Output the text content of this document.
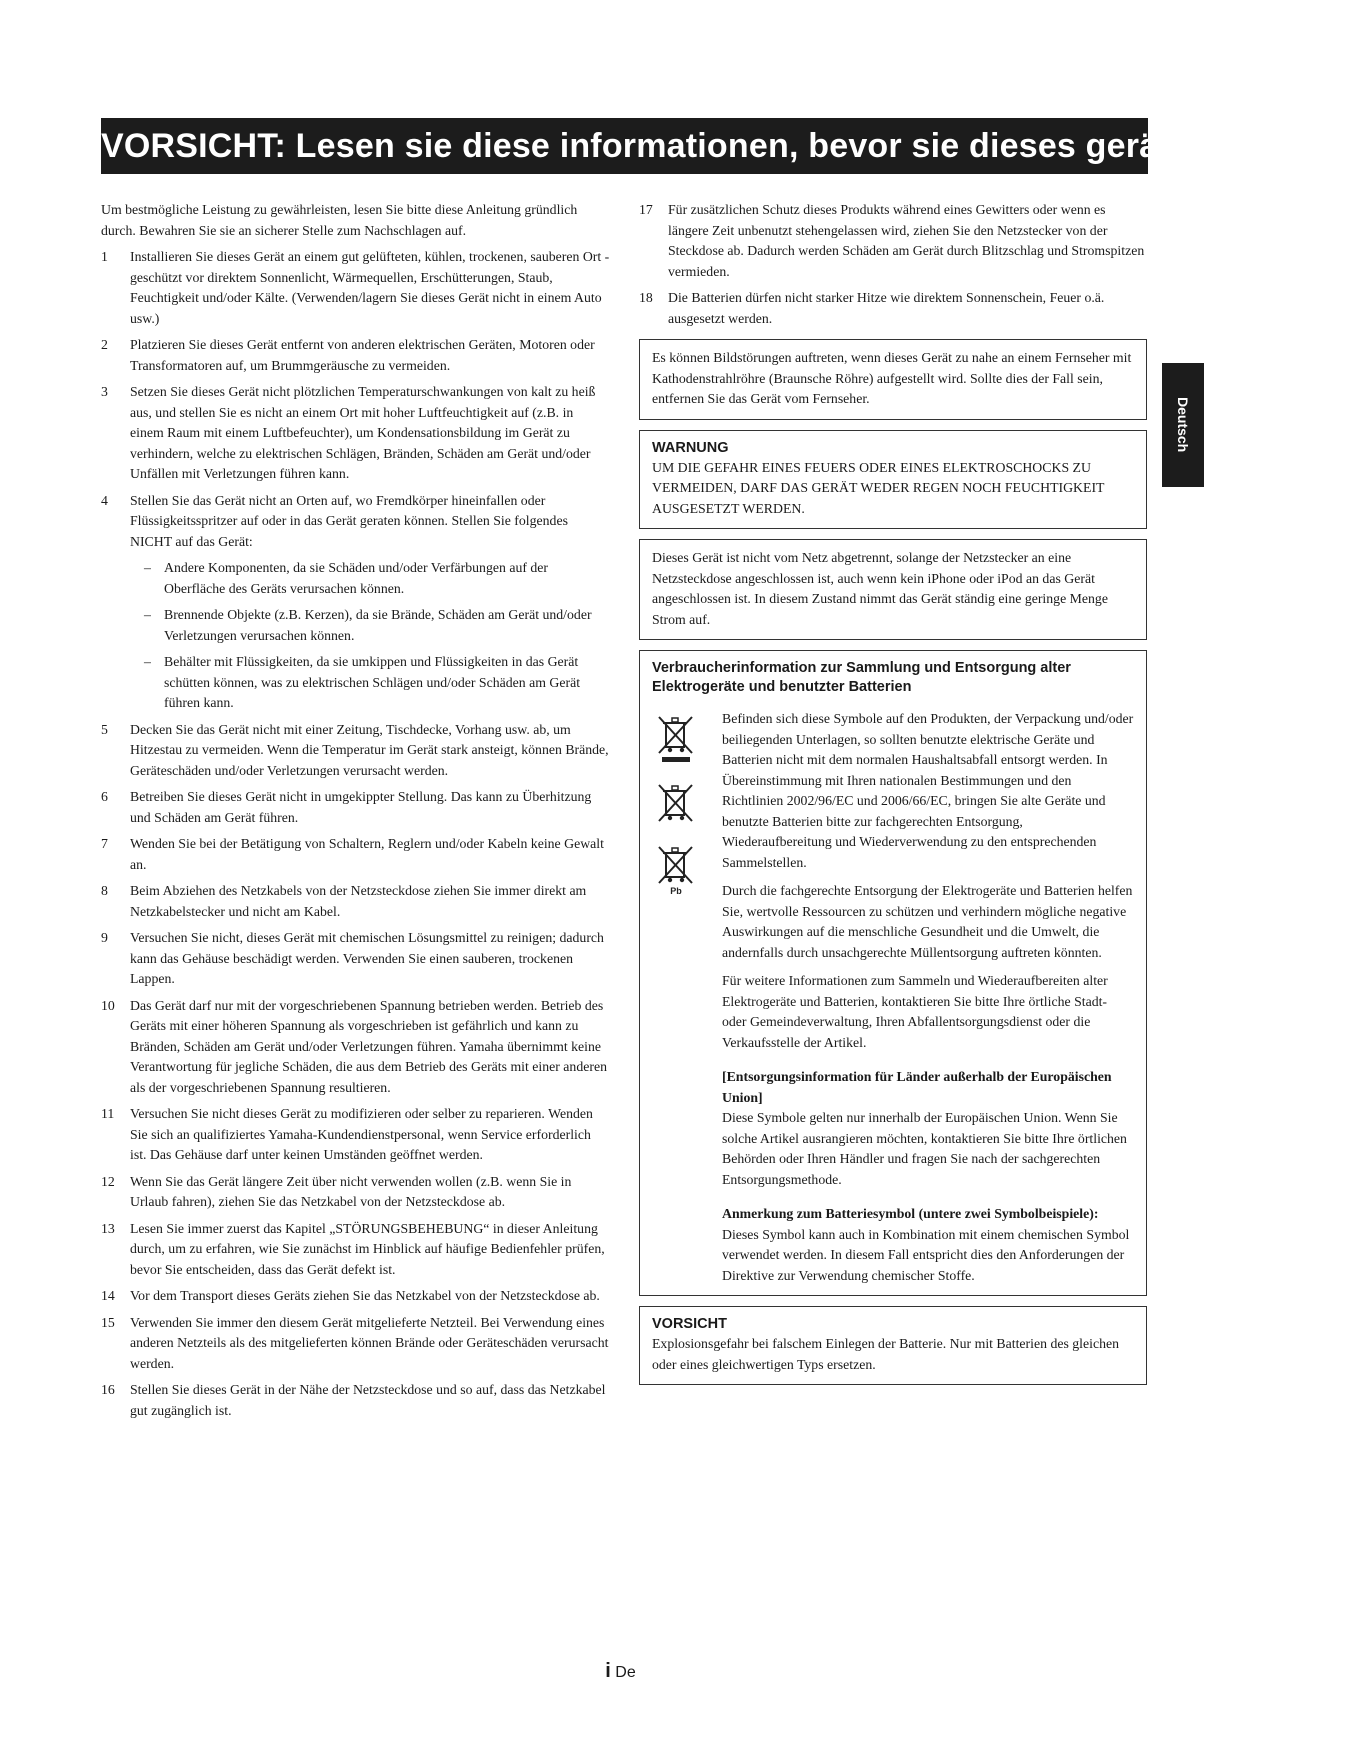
VORSICHT: Lesen sie diese informationen, bevor sie dieses gerät verwenden.
Deutsch

Um bestmögliche Leistung zu gewährleisten, lesen Sie bitte diese Anleitung gründlich durch. Bewahren Sie sie an sicherer Stelle zum Nachschlagen auf.

1 Installieren Sie dieses Gerät an einem gut gelüfteten, kühlen, trockenen, sauberen Ort - geschützt vor direktem Sonnenlicht, Wärmequellen, Erschütterungen, Staub, Feuchtigkeit und/oder Kälte. (Verwenden/lagern Sie dieses Gerät nicht in einem Auto usw.)
2 Platzieren Sie dieses Gerät entfernt von anderen elektrischen Geräten, Motoren oder Transformatoren auf, um Brummgeräusche zu vermeiden.
3 Setzen Sie dieses Gerät nicht plötzlichen Temperaturschwankungen von kalt zu heiß aus, und stellen Sie es nicht an einem Ort mit hoher Luftfeuchtigkeit auf (z.B. in einem Raum mit einem Luftbefeuchter), um Kondensationsbildung im Gerät zu verhindern, welche zu elektrischen Schlägen, Bränden, Schäden am Gerät und/oder Unfällen mit Verletzungen führen kann.
4 Stellen Sie das Gerät nicht an Orten auf, wo Fremdkörper hineinfallen oder Flüssigkeitsspritzer auf oder in das Gerät geraten können. Stellen Sie folgendes NICHT auf das Gerät:
– Andere Komponenten, da sie Schäden und/oder Verfärbungen auf der Oberfläche des Geräts verursachen können.
– Brennende Objekte (z.B. Kerzen), da sie Brände, Schäden am Gerät und/oder Verletzungen verursachen können.
– Behälter mit Flüssigkeiten, da sie umkippen und Flüssigkeiten in das Gerät schütten können, was zu elektrischen Schlägen und/oder Schäden am Gerät führen kann.
5 Decken Sie das Gerät nicht mit einer Zeitung, Tischdecke, Vorhang usw. ab, um Hitzestau zu vermeiden. Wenn die Temperatur im Gerät stark ansteigt, können Brände, Geräteschäden und/oder Verletzungen verursacht werden.
6 Betreiben Sie dieses Gerät nicht in umgekippter Stellung. Das kann zu Überhitzung und Schäden am Gerät führen.
7 Wenden Sie bei der Betätigung von Schaltern, Reglern und/oder Kabeln keine Gewalt an.
8 Beim Abziehen des Netzkabels von der Netzsteckdose ziehen Sie immer direkt am Netzkabelstecker und nicht am Kabel.
9 Versuchen Sie nicht, dieses Gerät mit chemischen Lösungsmittel zu reinigen; dadurch kann das Gehäuse beschädigt werden. Verwenden Sie einen sauberen, trockenen Lappen.
10 Das Gerät darf nur mit der vorgeschriebenen Spannung betrieben werden. Betrieb des Geräts mit einer höheren Spannung als vorgeschrieben ist gefährlich und kann zu Bränden, Schäden am Gerät und/oder Verletzungen führen. Yamaha übernimmt keine Verantwortung für jegliche Schäden, die aus dem Betrieb des Geräts mit einer anderen als der vorgeschriebenen Spannung resultieren.
11 Versuchen Sie nicht dieses Gerät zu modifizieren oder selber zu reparieren. Wenden Sie sich an qualifiziertes Yamaha-Kundendienstpersonal, wenn Service erforderlich ist. Das Gehäuse darf unter keinen Umständen geöffnet werden.
12 Wenn Sie das Gerät längere Zeit über nicht verwenden wollen (z.B. wenn Sie in Urlaub fahren), ziehen Sie das Netzkabel von der Netzsteckdose ab.
13 Lesen Sie immer zuerst das Kapitel „STÖRUNGSBEHEBUNG“ in dieser Anleitung durch, um zu erfahren, wie Sie zunächst im Hinblick auf häufige Bedienfehler prüfen, bevor Sie entscheiden, dass das Gerät defekt ist.
14 Vor dem Transport dieses Geräts ziehen Sie das Netzkabel von der Netzsteckdose ab.
15 Verwenden Sie immer den diesem Gerät mitgelieferte Netzteil. Bei Verwendung eines anderen Netzteils als des mitgelieferten können Brände oder Geräteschäden verursacht werden.
16 Stellen Sie dieses Gerät in der Nähe der Netzsteckdose und so auf, dass das Netzkabel gut zugänglich ist.
17 Für zusätzlichen Schutz dieses Produkts während eines Gewitters oder wenn es längere Zeit unbenutzt stehengelassen wird, ziehen Sie den Netzstecker von der Steckdose ab. Dadurch werden Schäden am Gerät durch Blitzschlag und Stromspitzen vermieden.
18 Die Batterien dürfen nicht starker Hitze wie direktem Sonnenschein, Feuer o.ä. ausgesetzt werden.

Es können Bildstörungen auftreten, wenn dieses Gerät zu nahe an einem Fernseher mit Kathodenstrahlröhre (Braunsche Röhre) aufgestellt wird. Sollte dies der Fall sein, entfernen Sie das Gerät vom Fernseher.

WARNUNG

UM DIE GEFAHR EINES FEUERS ODER EINES ELEKTROSCHOCKS ZU VERMEIDEN, DARF DAS GERÄT WEDER REGEN NOCH FEUCHTIGKEIT AUSGESETZT WERDEN.

Dieses Gerät ist nicht vom Netz abgetrennt, solange der Netzstecker an eine Netzsteckdose angeschlossen ist, auch wenn kein iPhone oder iPod an das Gerät angeschlossen ist. In diesem Zustand nimmt das Gerät ständig eine geringe Menge Strom auf.

Verbraucherinformation zur Sammlung und Entsorgung alter Elektrogeräte und benutzter Batterien
Pb

Befinden sich diese Symbole auf den Produkten, der Verpackung und/oder beiliegenden Unterlagen, so sollten benutzte elektrische Geräte und Batterien nicht mit dem normalen Haushaltsabfall entsorgt werden. In Übereinstimmung mit Ihren nationalen Bestimmungen und den Richtlinien 2002/96/EC und 2006/66/EC, bringen Sie alte Geräte und benutzte Batterien bitte zur fachgerechten Entsorgung, Wiederaufbereitung und Wiederverwendung zu den entsprechenden Sammelstellen.

Durch die fachgerechte Entsorgung der Elektrogeräte und Batterien helfen Sie, wertvolle Ressourcen zu schützen und verhindern mögliche negative Auswirkungen auf die menschliche Gesundheit und die Umwelt, die andernfalls durch unsachgerechte Müllentsorgung auftreten könnten.

Für weitere Informationen zum Sammeln und Wiederaufbereiten alter Elektrogeräte und Batterien, kontaktieren Sie bitte Ihre örtliche Stadt- oder Gemeindeverwaltung, Ihren Abfallentsorgungsdienst oder die Verkaufsstelle der Artikel.

[Entsorgungsinformation für Länder außerhalb der Europäischen Union]

Diese Symbole gelten nur innerhalb der Europäischen Union. Wenn Sie solche Artikel ausrangieren möchten, kontaktieren Sie bitte Ihre örtlichen Behörden oder Ihren Händler und fragen Sie nach der sachgerechten Entsorgungsmethode.

Anmerkung zum Batteriesymbol (untere zwei Symbolbeispiele):

Dieses Symbol kann auch in Kombination mit einem chemischen Symbol verwendet werden. In diesem Fall entspricht dies den Anforderungen der Direktive zur Verwendung chemischer Stoffe.

VORSICHT

Explosionsgefahr bei falschem Einlegen der Batterie. Nur mit Batterien des gleichen oder eines gleichwertigen Typs ersetzen.

i De
